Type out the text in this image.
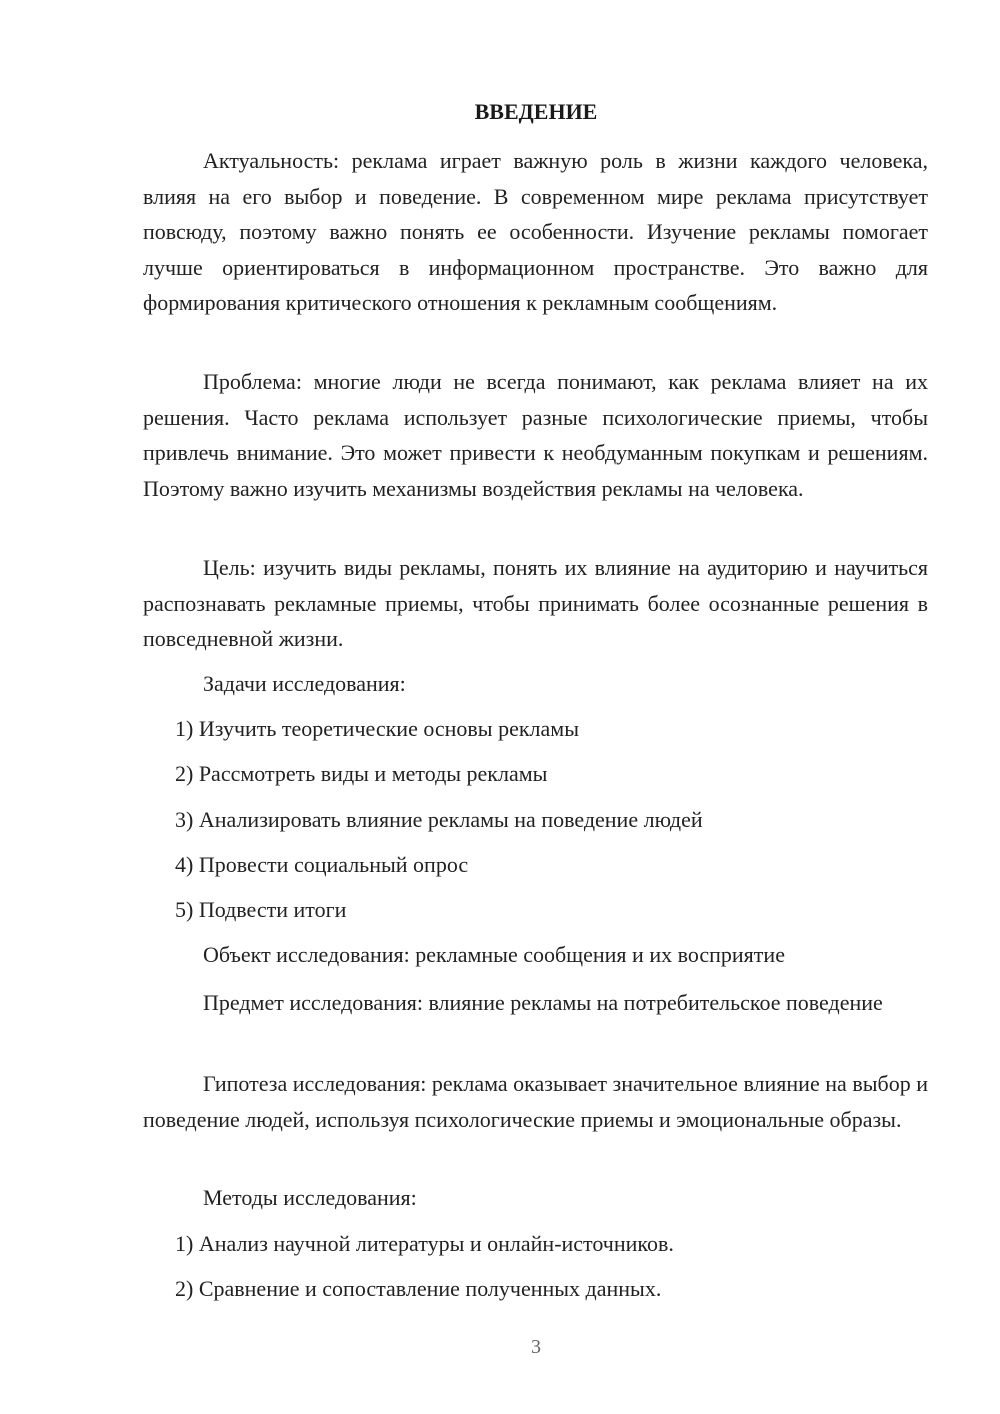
ВВЕДЕНИЕ

Актуальность: реклама играет важную роль в жизни каждого человека, влияя на его выбор и поведение. В современном мире реклама присутствует повсюду, поэтому важно понять ее особенности. Изучение рекламы помогает лучше ориентироваться в информационном пространстве. Это важно для формирования критического отношения к рекламным сообщениям.

Проблема: многие люди не всегда понимают, как реклама влияет на их решения. Часто реклама использует разные психологические приемы, чтобы привлечь внимание. Это может привести к необдуманным покупкам и решениям. Поэтому важно изучить механизмы воздействия рекламы на человека.

Цель: изучить виды рекламы, понять их влияние на аудиторию и научиться распознавать рекламные приемы, чтобы принимать более осознанные решения в повседневной жизни.

Задачи исследования:
1) Изучить теоретические основы рекламы
2) Рассмотреть виды и методы рекламы
3) Анализировать влияние рекламы на поведение людей
4) Провести социальный опрос
5) Подвести итоги
Объект исследования: рекламные сообщения и их восприятие

Предмет исследования: влияние рекламы на потребительское поведение

Гипотеза исследования: реклама оказывает значительное влияние на выбор и поведение людей, используя психологические приемы и эмоциональные образы.

Методы исследования:
1) Анализ научной литературы и онлайн-источников.
2) Сравнение и сопоставление полученных данных.
3
